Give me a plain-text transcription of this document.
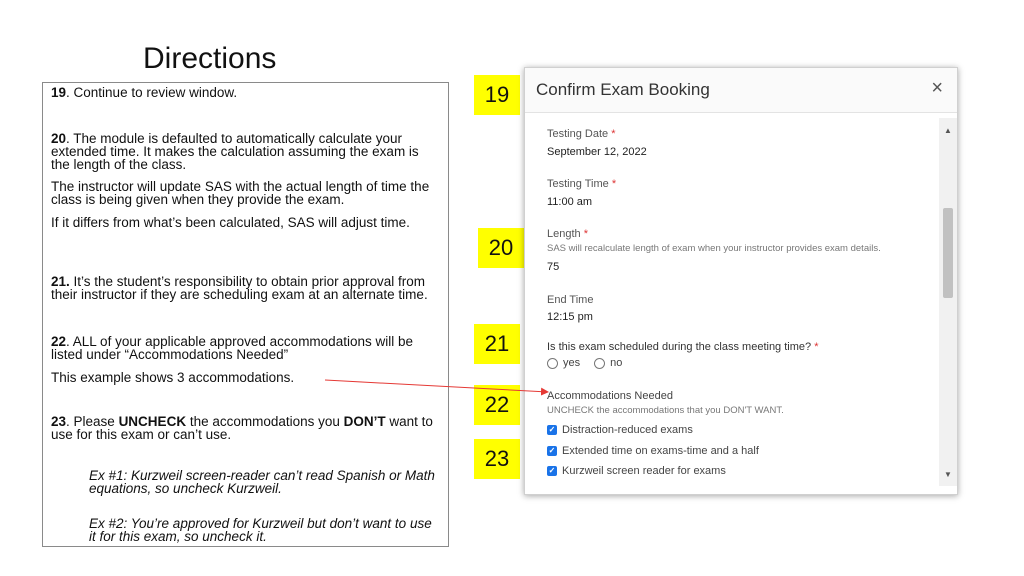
Directions

19. Continue to review window.

20. The module is defaulted to automatically calculate your extended time. It makes the calculation assuming the exam is the length of the class.

The instructor will update SAS with the actual length of time the class is being given when they provide the exam.

If it differs from what’s been calculated, SAS will adjust time.

21. It’s the student’s responsibility to obtain prior approval from their instructor if they are scheduling exam at an alternate time.

22. ALL of your applicable approved accommodations will be listed under “Accommodations Needed”

This example shows 3 accommodations.

23. Please UNCHECK the accommodations you DON’T want to use for this exam or can’t use.

Ex #1: Kurzweil screen-reader can’t read Spanish or Math equations, so uncheck Kurzweil.

Ex #2: You’re approved for Kurzweil but don’t want to use it for this exam, so uncheck it.

19
20
21
22
23
Confirm Exam Booking	×
Testing Date *
September 12, 2022
Testing Time *
11:00 am
Length *
SAS will recalculate length of exam when your instructor provides exam details.
75
End Time
12:15 pm
Is this exam scheduled during the class meeting time? *
yes	no
Accommodations Needed
UNCHECK the accommodations that you DON'T WANT.
✓ Distraction-reduced exams
✓ Extended time on exams-time and a half
✓ Kurzweil screen reader for exams
▲
▼
